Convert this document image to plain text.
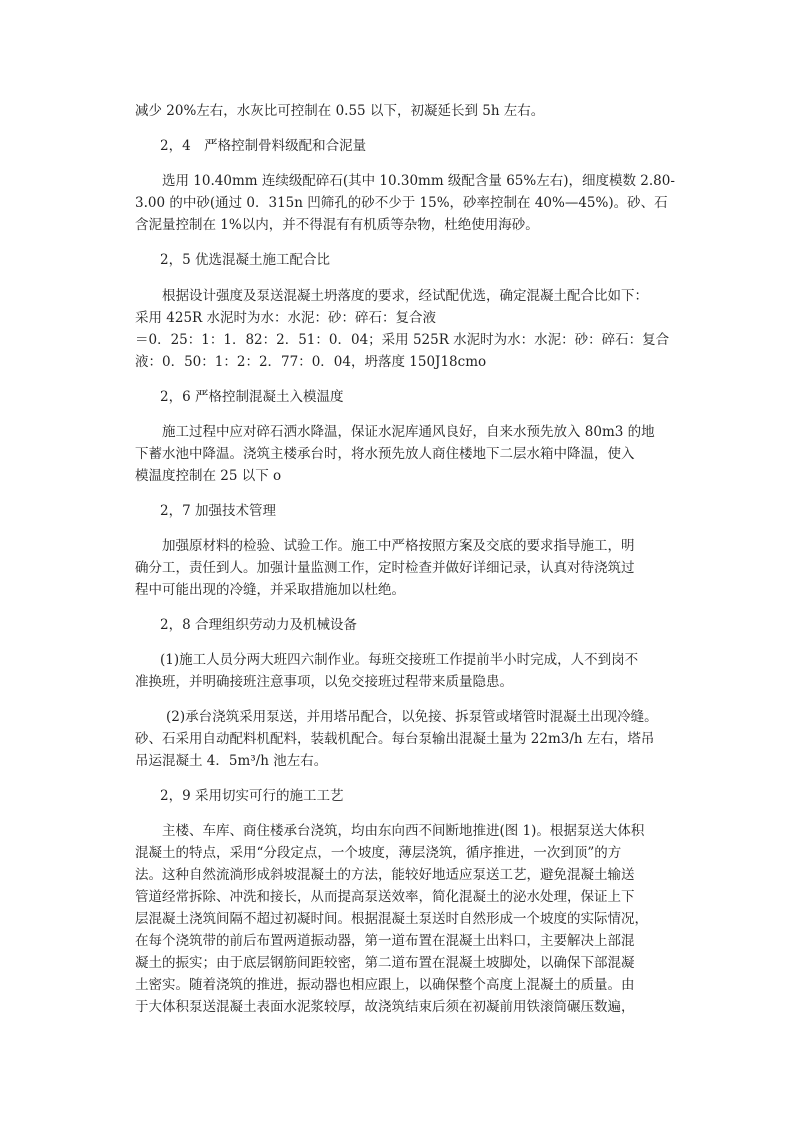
减少 20%左右，水灰比可控制在 0.55 以下，初凝延长到 5h 左右。
2，4　严格控制骨料级配和合泥量
选用 10.40mm 连续级配碎石(其中 10.30mm 级配含量 65%左右)，细度模数 2.80-
3.00 的中砂(通过 0．315n 凹筛孔的砂不少于 15%，砂率控制在 40%—45%)。砂、石
含泥量控制在 1%以内，并不得混有有机质等杂物，杜绝使用海砂。
2，5 优选混凝土施工配合比
根据设计强度及泵送混凝土坍落度的要求，经试配优选，确定混凝土配合比如下：
采用 425R 水泥时为水：水泥：砂：碎石：复合液
＝0．25：1：1．82：2．51：0．04；采用 525R 水泥时为水：水泥：砂：碎石：复合
液：0．50：1：2：2．77：0．04，坍落度 150J18cmo
2，6 严格控制混凝土入模温度
施工过程中应对碎石洒水降温，保证水泥库通风良好，自来水预先放入 80m3 的地
下蓄水池中降温。浇筑主楼承台时，将水预先放人商住楼地下二层水箱中降温，使入
模温度控制在 25 以下 o
2，7 加强技术管理
加强原材料的检验、试验工作。施工中严格按照方案及交底的要求指导施工，明
确分工，责任到人。加强计量监测工作，定时检查并做好详细记录，认真对待浇筑过
程中可能出现的冷缝，并采取措施加以杜绝。
2，8 合理组织劳动力及机械设备
(1)施工人员分两大班四六制作业。每班交接班工作提前半小时完成，人不到岗不
准换班，并明确接班注意事项，以免交接班过程带来质量隐患。
(2)承台浇筑采用泵送，并用塔吊配合，以免接、拆泵管或堵管时混凝土出现冷缝。
砂、石采用自动配料机配料，装载机配合。每台泵输出混凝土量为 22m3/h 左右，塔吊
吊运混凝土 4．5m³/h 池左右。
2，9 采用切实可行的施工工艺
主楼、车库、商住楼承台浇筑，均由东向西不间断地推进(图 1)。根据泵送大体积
混凝土的特点，采用“分段定点，一个坡度，薄层浇筑，循序推进，一次到顶”的方
法。这种自然流淌形成斜坡混凝土的方法，能较好地适应泵送工艺，避免混凝土输送
管道经常拆除、冲洗和接长，从而提高泵送效率，简化混凝土的泌水处理，保证上下
层混凝土浇筑间隔不超过初凝时间。根据混凝土泵送时自然形成一个坡度的实际情况，
在每个浇筑带的前后布置两道振动器，第一道布置在混凝土出料口，主要解决上部混
凝土的振实；由于底层钢筋间距较密，第二道布置在混凝土坡脚处，以确保下部混凝
土密实。随着浇筑的推进，振动器也相应跟上，以确保整个高度上混凝土的质量。由
于大体积泵送混凝土表面水泥浆较厚，故浇筑结束后须在初凝前用铁滚筒碾压数遍，
